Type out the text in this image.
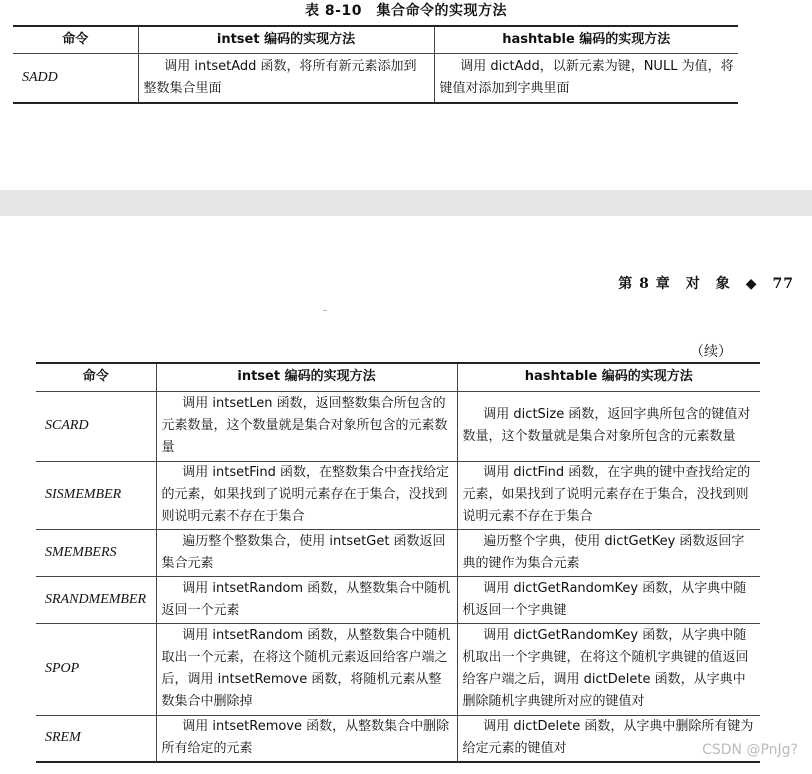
表 8-10　集合命令的实现方法
命令	intset 编码的实现方法	hashtable 编码的实现方法
SADD	调用 intsetAdd 函数，将所有新元素添加到整数集合里面	调用 dictAdd，以新元素为键，NULL 为值，将键值对添加到字典里面
第 8 章　对　象　◆　77
（续）
命令	intset 编码的实现方法	hashtable 编码的实现方法
SCARD	调用 intsetLen 函数，返回整数集合所包含的元素数量，这个数量就是集合对象所包含的元素数量	调用 dictSize 函数，返回字典所包含的键值对数量，这个数量就是集合对象所包含的元素数量
SISMEMBER	调用 intsetFind 函数，在整数集合中查找给定的元素，如果找到了说明元素存在于集合，没找到则说明元素不存在于集合	调用 dictFind 函数，在字典的键中查找给定的元素，如果找到了说明元素存在于集合，没找到则说明元素不存在于集合
SMEMBERS	遍历整个整数集合，使用 intsetGet 函数返回集合元素	遍历整个字典，使用 dictGetKey 函数返回字典的键作为集合元素
SRANDMEMBER	调用 intsetRandom 函数，从整数集合中随机返回一个元素	调用 dictGetRandomKey 函数，从字典中随机返回一个字典键
SPOP	调用 intsetRandom 函数，从整数集合中随机取出一个元素，在将这个随机元素返回给客户端之后，调用 intsetRemove 函数，将随机元素从整数集合中删除掉	调用 dictGetRandomKey 函数，从字典中随机取出一个字典键，在将这个随机字典键的值返回给客户端之后，调用 dictDelete 函数，从字典中删除随机字典键所对应的键值对
SREM	调用 intsetRemove 函数，从整数集合中删除所有给定的元素	调用 dictDelete 函数，从字典中删除所有键为给定元素的键值对	CSDN @PnJg?
